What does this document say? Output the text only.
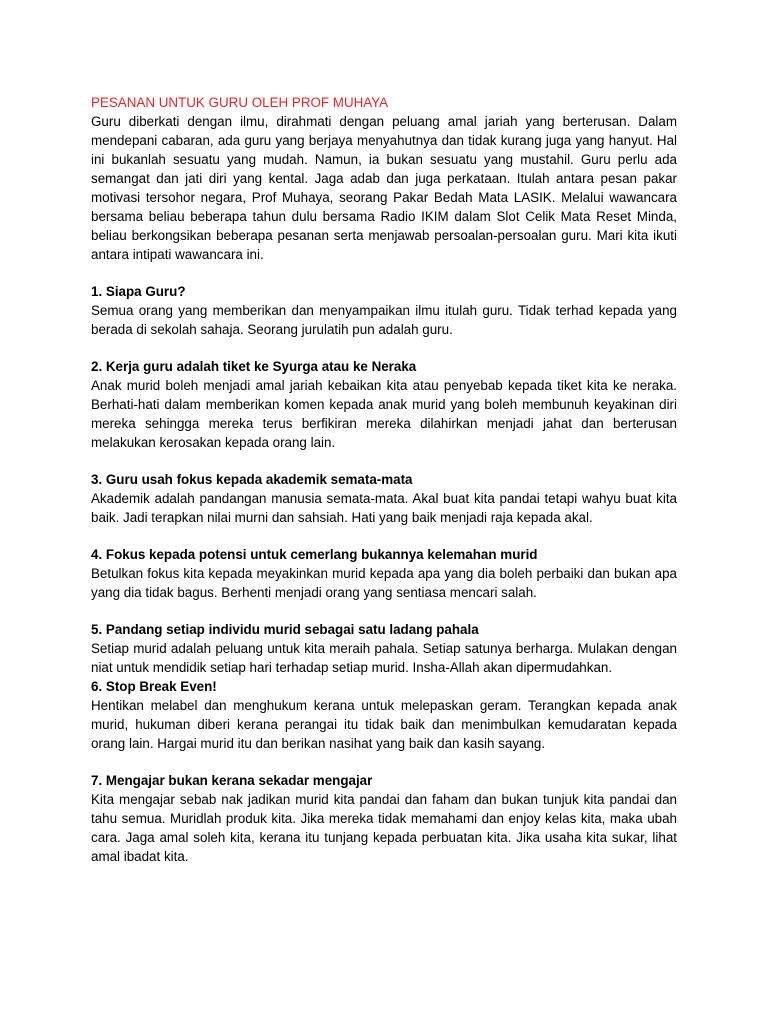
PESANAN UNTUK GURU OLEH PROF MUHAYA

Guru diberkati dengan ilmu, dirahmati dengan peluang amal jariah yang berterusan. Dalam mendepani cabaran, ada guru yang berjaya menyahutnya dan tidak kurang juga yang hanyut. Hal ini bukanlah sesuatu yang mudah. Namun, ia bukan sesuatu yang mustahil. Guru perlu ada semangat dan jati diri yang kental. Jaga adab dan juga perkataan. Itulah antara pesan pakar motivasi tersohor negara, Prof Muhaya, seorang Pakar Bedah Mata LASIK. Melalui wawancara bersama beliau beberapa tahun dulu bersama Radio IKIM dalam Slot Celik Mata Reset Minda, beliau berkongsikan beberapa pesanan serta menjawab persoalan-persoalan guru. Mari kita ikuti antara intipati wawancara ini.

1. Siapa Guru?

Semua orang yang memberikan dan menyampaikan ilmu itulah guru. Tidak terhad kepada yang berada di sekolah sahaja. Seorang jurulatih pun adalah guru.

2. Kerja guru adalah tiket ke Syurga atau ke Neraka

Anak murid boleh menjadi amal jariah kebaikan kita atau penyebab kepada tiket kita ke neraka. Berhati-hati dalam memberikan komen kepada anak murid yang boleh membunuh keyakinan diri mereka sehingga mereka terus berfikiran mereka dilahirkan menjadi jahat dan berterusan melakukan kerosakan kepada orang lain.

3. Guru usah fokus kepada akademik semata-mata

Akademik adalah pandangan manusia semata-mata. Akal buat kita pandai tetapi wahyu buat kita baik. Jadi terapkan nilai murni dan sahsiah. Hati yang baik menjadi raja kepada akal.

4. Fokus kepada potensi untuk cemerlang bukannya kelemahan murid

Betulkan fokus kita kepada meyakinkan murid kepada apa yang dia boleh perbaiki dan bukan apa yang dia tidak bagus. Berhenti menjadi orang yang sentiasa mencari salah.

5. Pandang setiap individu murid sebagai satu ladang pahala

Setiap murid adalah peluang untuk kita meraih pahala. Setiap satunya berharga. Mulakan dengan niat untuk mendidik setiap hari terhadap setiap murid. Insha-Allah akan dipermudahkan.

6. Stop Break Even!

Hentikan melabel dan menghukum kerana untuk melepaskan geram. Terangkan kepada anak murid, hukuman diberi kerana perangai itu tidak baik dan menimbulkan kemudaratan kepada orang lain. Hargai murid itu dan berikan nasihat yang baik dan kasih sayang.

7. Mengajar bukan kerana sekadar mengajar

Kita mengajar sebab nak jadikan murid kita pandai dan faham dan bukan tunjuk kita pandai dan tahu semua. Muridlah produk kita. Jika mereka tidak memahami dan enjoy kelas kita, maka ubah cara. Jaga amal soleh kita, kerana itu tunjang kepada perbuatan kita. Jika usaha kita sukar, lihat amal ibadat kita.
